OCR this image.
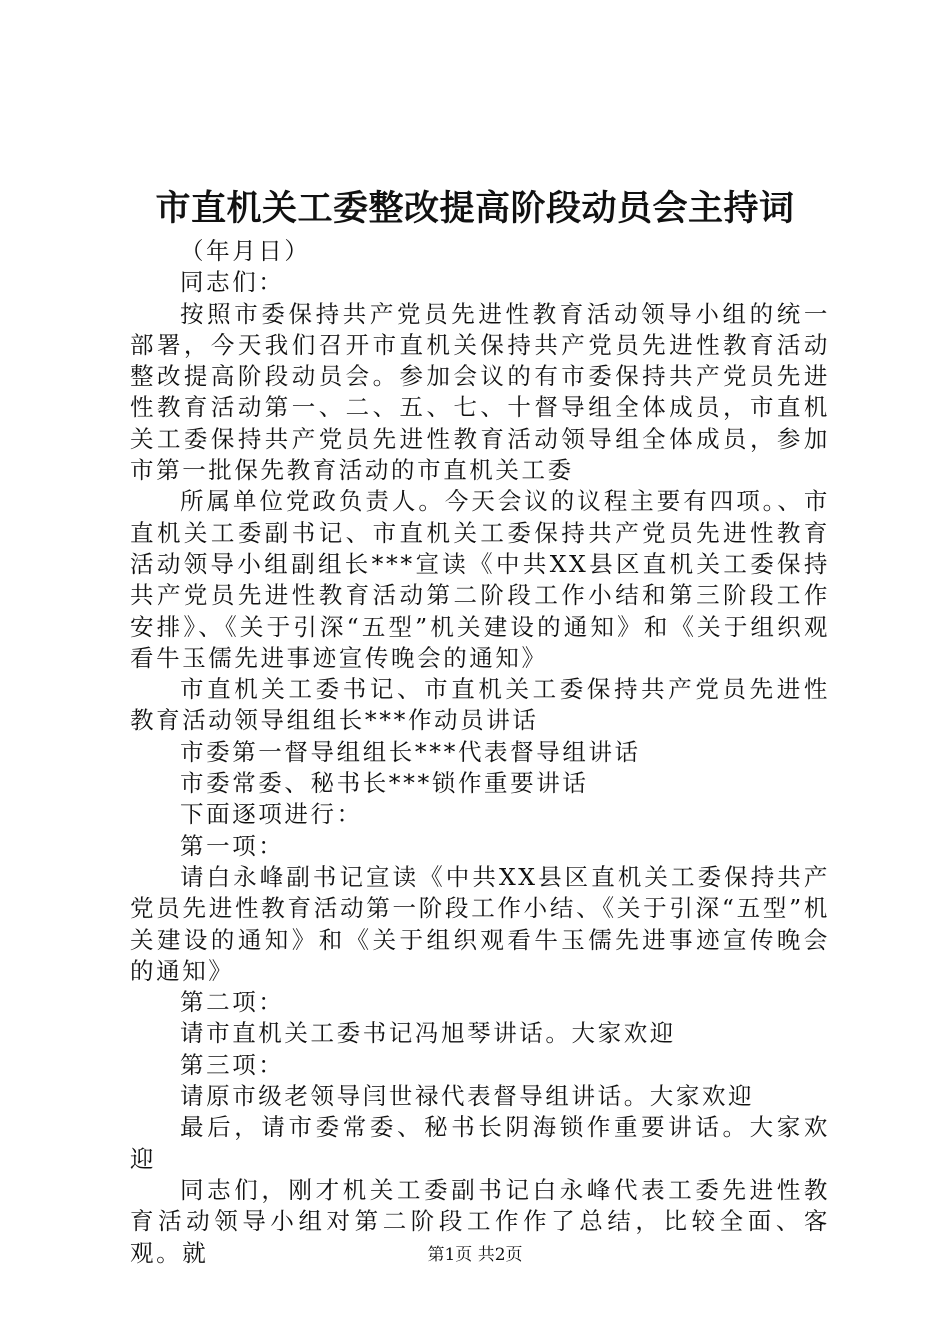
市直机关工委整改提高阶段动员会主持词

（年月日）

同志们：

按照市委保持共产党员先进性教育活动领导小组的统一部署，今天我们召开市直机关保持共产党员先进性教育活动整改提高阶段动员会。参加会议的有市委保持共产党员先进性教育活动第一、二、五、七、十督导组全体成员，市直机关工委保持共产党员先进性教育活动领导组全体成员，参加市第一批保先教育活动的市直机关工委

所属单位党政负责人。今天会议的议程主要有四项。、市直机关工委副书记、市直机关工委保持共产党员先进性教育活动领导小组副组长***宣读《中共XX县区直机关工委保持共产党员先进性教育活动第二阶段工作小结和第三阶段工作安排》、《关于引深“五型”机关建设的通知》和《关于组织观看牛玉儒先进事迹宣传晚会的通知》

市直机关工委书记、市直机关工委保持共产党员先进性教育活动领导组组长***作动员讲话

市委第一督导组组长***代表督导组讲话

市委常委、秘书长***锁作重要讲话

下面逐项进行：

第一项：

请白永峰副书记宣读《中共XX县区直机关工委保持共产党员先进性教育活动第一阶段工作小结、《关于引深“五型”机关建设的通知》和《关于组织观看牛玉儒先进事迹宣传晚会的通知》

第二项：

请市直机关工委书记冯旭琴讲话。大家欢迎

第三项：

请原市级老领导闫世禄代表督导组讲话。大家欢迎

最后，请市委常委、秘书长阴海锁作重要讲话。大家欢迎

同志们，刚才机关工委副书记白永峰代表工委先进性教育活动领导小组对第二阶段工作作了总结，比较全面、客观。就	第1页 共2页
